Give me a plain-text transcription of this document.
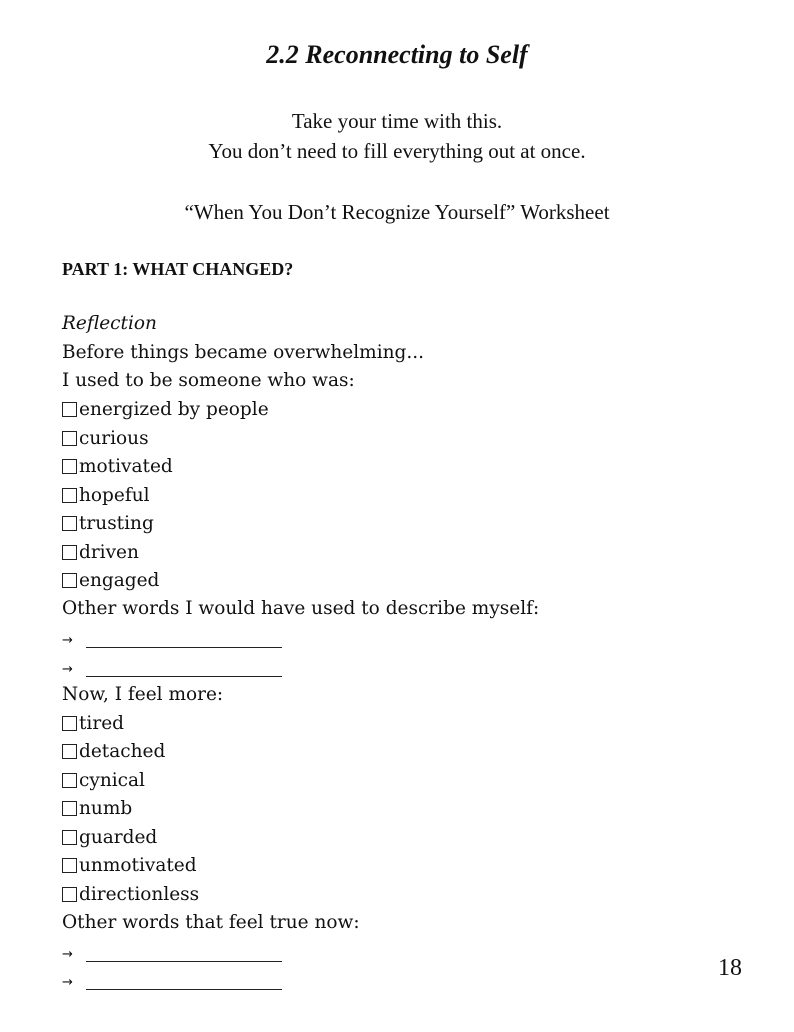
2.2 Reconnecting to Self
Take your time with this.
You don’t need to fill everything out at once.
“When You Don’t Recognize Yourself” Worksheet
PART 1: WHAT CHANGED?
Reflection
Before things became overwhelming...
I used to be someone who was:
energized by people
curious
motivated
hopeful
trusting
driven
engaged
Other words I would have used to describe myself:
→
→
Now, I feel more:
tired
detached
cynical
numb
guarded
unmotivated
directionless
Other words that feel true now:
→
→
18
